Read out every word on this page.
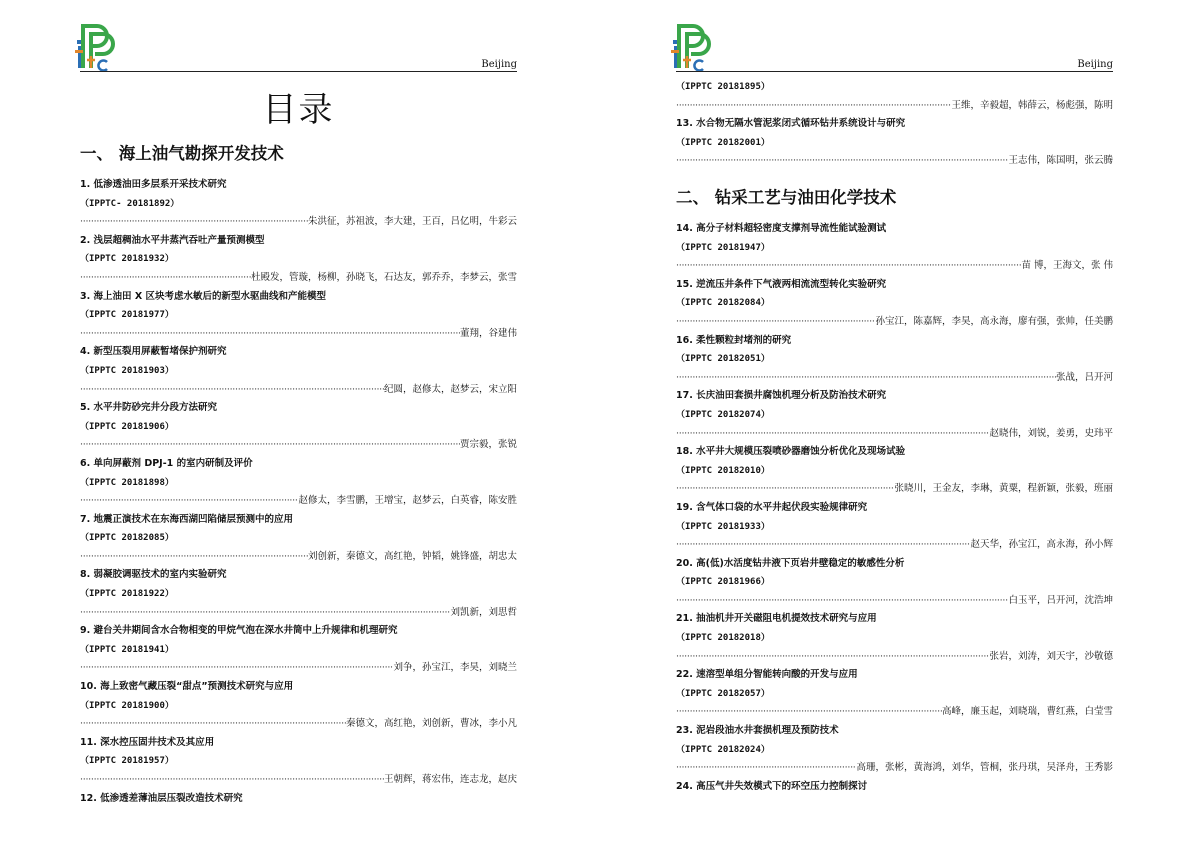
Beijing
目录
一、 海上油气勘探开发技术
1. 低渗透油田多层系开采技术研究
（IPPTC- 20181892）
·····
朱洪征，苏祖波，李大建，王百，吕亿明，牛彩云
2. 浅层超稠油水平井蒸汽吞吐产量预测模型
（IPPTC 20181932）
·····
杜殿发，管璇，杨柳，孙晓飞，石达友，郭乔乔，李梦云，张雪
3. 海上油田 X 区块考虑水敏后的新型水驱曲线和产能模型
（IPPTC 20181977）
·····
董翔，谷建伟
4. 新型压裂用屏蔽暂堵保护剂研究
（IPPTC 20181903）
·····
纪圆，赵修太，赵梦云，宋立阳
5. 水平井防砂完井分段方法研究
（IPPTC 20181906）
·····
贾宗毅，张锐
6. 单向屏蔽剂 DPJ-1 的室内研制及评价
（IPPTC 20181898）
·····
赵修太，李雪鹏，王增宝，赵梦云，白英睿，陈安胜
7. 地震正演技术在东海西湖凹陷储层预测中的应用
（IPPTC 20182085）
·····
刘创新，秦德文，高红艳，钟韬，姚锋盛，胡忠太
8. 弱凝胶调驱技术的室内实验研究
（IPPTC 20181922）
·····
刘凯新，刘思哲
9. 避台关井期间含水合物相变的甲烷气泡在深水井筒中上升规律和机理研究
（IPPTC 20181941）
·····
刘争，孙宝江，李昊，刘晓兰
10. 海上致密气藏压裂“甜点”预测技术研究与应用
（IPPTC 20181900）
·····
秦德文，高红艳，刘创新，曹冰，李小凡
11. 深水控压固井技术及其应用
（IPPTC 20181957）
·····
王朝辉，蒋宏伟，连志龙，赵庆
12. 低渗透差薄油层压裂改造技术研究
Beijing
（IPPTC 20181895）
·····
王维，辛毅超，韩薛云，杨彪强，陈明
13. 水合物无隔水管泥浆闭式循环钻井系统设计与研究
（IPPTC 20182001）
·····
王志伟，陈国明，张云腾
二、 钻采工艺与油田化学技术
14. 高分子材料超轻密度支撑剂导流性能试验测试
（IPPTC 20181947）
·····
苗 博，王海文，张 伟
15. 逆流压井条件下气液两相流流型转化实验研究
（IPPTC 20182084）
·····
孙宝江，陈嘉辉，李昊，高永海，廖有强，张帅，任美鹏
16. 柔性颗粒封堵剂的研究
（IPPTC 20182051）
·····
张战，吕开河
17. 长庆油田套损井腐蚀机理分析及防治技术研究
（IPPTC 20182074）
·····
赵晓伟，刘锐，姜勇，史玮平
18. 水平井大规模压裂喷砂器磨蚀分析优化及现场试验
（IPPTC 20182010）
·····
张晓川，王金友，李琳，黄粟，程新颖，张毅，班丽
19. 含气体口袋的水平井起伏段实验规律研究
（IPPTC 20181933）
·····
赵天华，孙宝江，高永海，孙小辉
20. 高(低)水活度钻井液下页岩井壁稳定的敏感性分析
（IPPTC 20181966）
·····
白玉平，吕开河，沈浩坤
21. 抽油机井开关磁阻电机提效技术研究与应用
（IPPTC 20182018）
·····
张岩，刘涛，刘天宇，沙敬德
22. 速溶型单组分智能转向酸的开发与应用
（IPPTC 20182057）
·····
高峰，廉玉起，刘晓瑞，曹红燕，白莹雪
23. 泥岩段油水井套损机理及预防技术
（IPPTC 20182024）
·····
高珊，张彬，黄海鸿，刘华，管桐，张丹琪，吴泽舟，王秀影
24. 高压气井失效模式下的环空压力控制探讨
